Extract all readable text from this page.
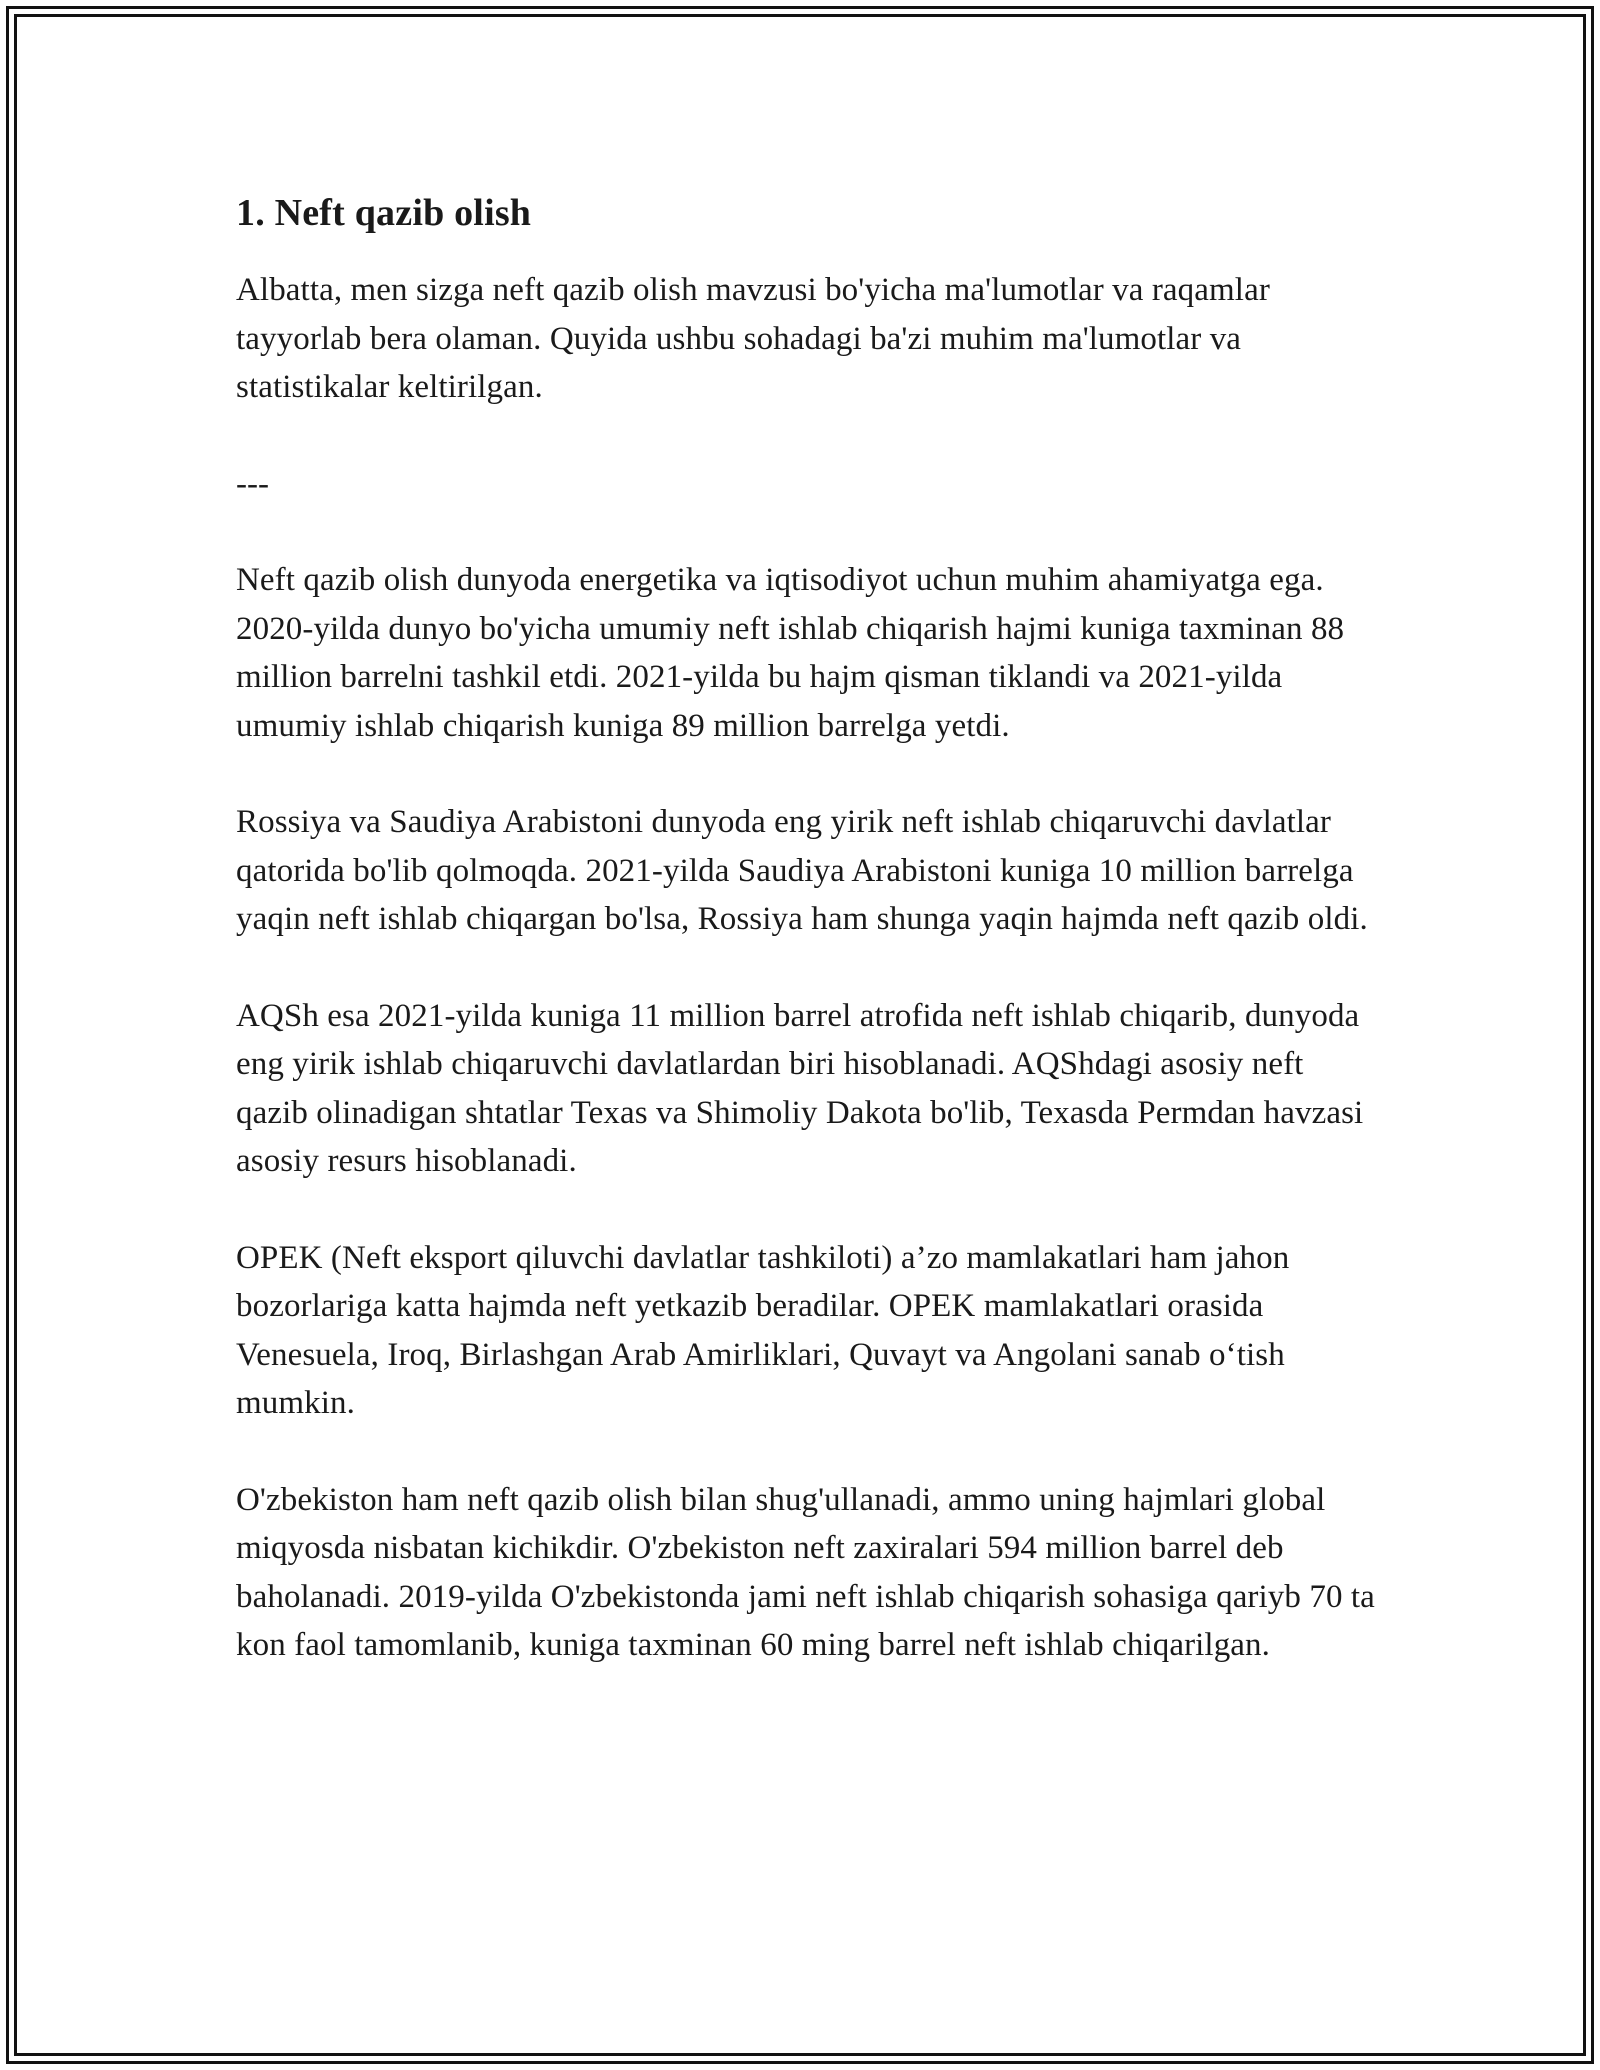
1. Neft qazib olish

Albatta, men sizga neft qazib olish mavzusi bo'yicha ma'lumotlar va raqamlar tayyorlab bera olaman. Quyida ushbu sohadagi ba'zi muhim ma'lumotlar va statistikalar keltirilgan.

---

Neft qazib olish dunyoda energetika va iqtisodiyot uchun muhim ahamiyatga ega. 2020-yilda dunyo bo'yicha umumiy neft ishlab chiqarish hajmi kuniga taxminan 88 million barrelni tashkil etdi. 2021-yilda bu hajm qisman tiklandi va 2021-yilda umumiy ishlab chiqarish kuniga 89 million barrelga yetdi.

Rossiya va Saudiya Arabistoni dunyoda eng yirik neft ishlab chiqaruvchi davlatlar qatorida bo'lib qolmoqda. 2021-yilda Saudiya Arabistoni kuniga 10 million barrelga yaqin neft ishlab chiqargan bo'lsa, Rossiya ham shunga yaqin hajmda neft qazib oldi.

AQSh esa 2021-yilda kuniga 11 million barrel atrofida neft ishlab chiqarib, dunyoda eng yirik ishlab chiqaruvchi davlatlardan biri hisoblanadi. AQShdagi asosiy neft qazib olinadigan shtatlar Texas va Shimoliy Dakota bo'lib, Texasda Permdan havzasi asosiy resurs hisoblanadi.

OPEK (Neft eksport qiluvchi davlatlar tashkiloti) a’zo mamlakatlari ham jahon bozorlariga katta hajmda neft yetkazib beradilar. OPEK mamlakatlari orasida Venesuela, Iroq, Birlashgan Arab Amirliklari, Quvayt va Angolani sanab o‘tish mumkin.

O'zbekiston ham neft qazib olish bilan shug'ullanadi, ammo uning hajmlari global miqyosda nisbatan kichikdir. O'zbekiston neft zaxiralari 594 million barrel deb baholanadi. 2019-yilda O'zbekistonda jami neft ishlab chiqarish sohasiga qariyb 70 ta kon faol tamomlanib, kuniga taxminan 60 ming barrel neft ishlab chiqarilgan.
